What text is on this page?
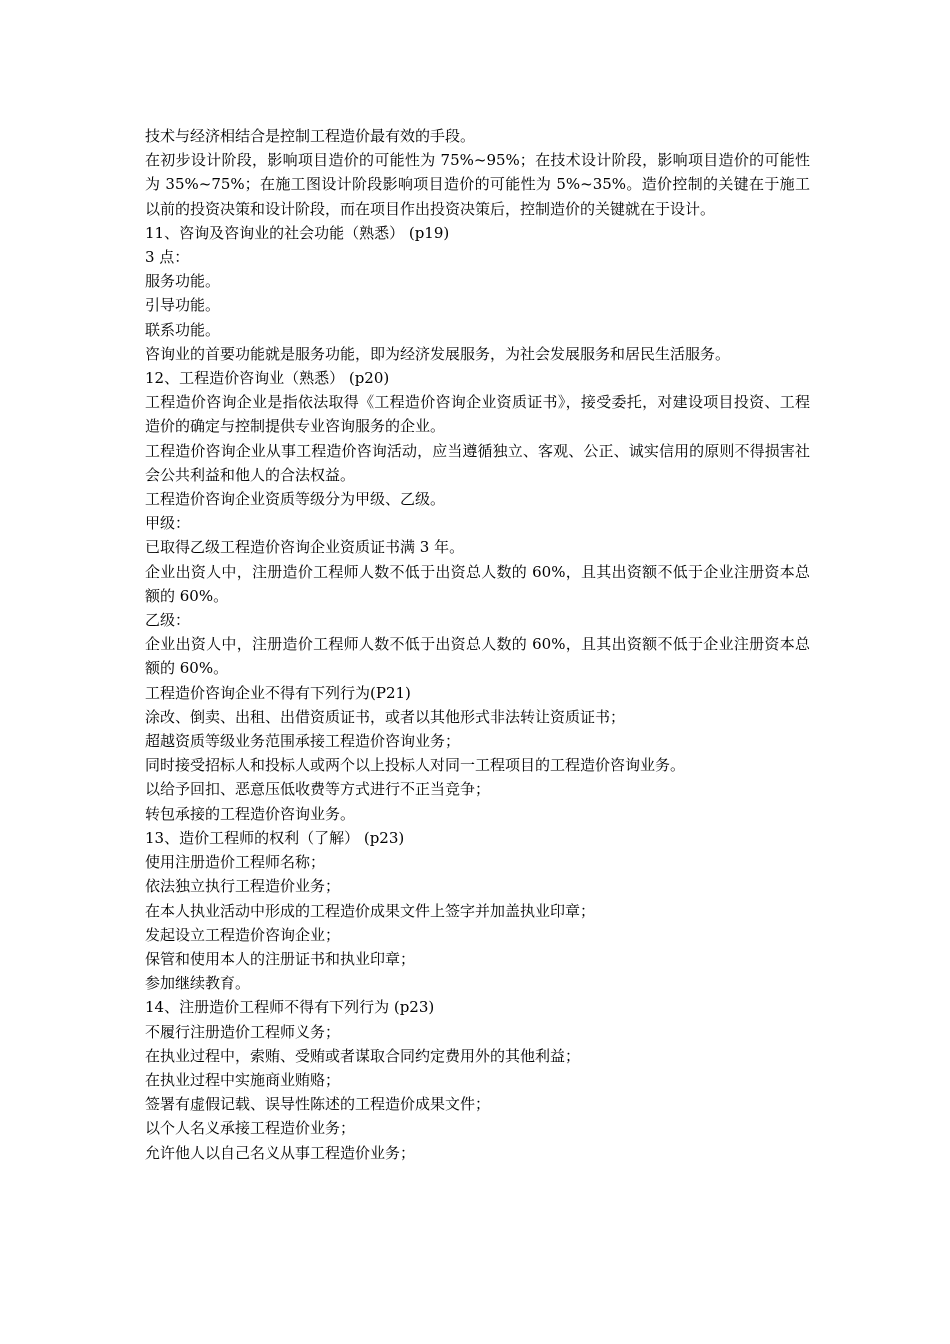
技术与经济相结合是控制工程造价最有效的手段。

在初步设计阶段，影响项目造价的可能性为 75%~95%；在技术设计阶段，影响项目造价的可能性为 35%~75%；在施工图设计阶段影响项目造价的可能性为 5%~35%。造价控制的关键在于施工以前的投资决策和设计阶段，而在项目作出投资决策后，控制造价的关键就在于设计。

11、咨询及咨询业的社会功能（熟悉） (p19)

3 点：

服务功能。

引导功能。

联系功能。

咨询业的首要功能就是服务功能，即为经济发展服务，为社会发展服务和居民生活服务。

12、工程造价咨询业（熟悉） (p20)

工程造价咨询企业是指依法取得《工程造价咨询企业资质证书》，接受委托，对建设项目投资、工程造价的确定与控制提供专业咨询服务的企业。

工程造价咨询企业从事工程造价咨询活动，应当遵循独立、客观、公正、诚实信用的原则不得损害社会公共利益和他人的合法权益。

工程造价咨询企业资质等级分为甲级、乙级。

甲级：

已取得乙级工程造价咨询企业资质证书满 3 年。

企业出资人中，注册造价工程师人数不低于出资总人数的 60%，且其出资额不低于企业注册资本总额的 60%。

乙级：

企业出资人中，注册造价工程师人数不低于出资总人数的 60%，且其出资额不低于企业注册资本总额的 60%。

工程造价咨询企业不得有下列行为(P21)

涂改、倒卖、出租、出借资质证书，或者以其他形式非法转让资质证书；

超越资质等级业务范围承接工程造价咨询业务；

同时接受招标人和投标人或两个以上投标人对同一工程项目的工程造价咨询业务。

以给予回扣、恶意压低收费等方式进行不正当竞争；

转包承接的工程造价咨询业务。

13、造价工程师的权利（了解） (p23)

使用注册造价工程师名称；

依法独立执行工程造价业务；

在本人执业活动中形成的工程造价成果文件上签字并加盖执业印章；

发起设立工程造价咨询企业；

保管和使用本人的注册证书和执业印章；

参加继续教育。

14、注册造价工程师不得有下列行为 (p23)

不履行注册造价工程师义务；

在执业过程中，索贿、受贿或者谋取合同约定费用外的其他利益；

在执业过程中实施商业贿赂；

签署有虚假记载、误导性陈述的工程造价成果文件；

以个人名义承接工程造价业务；

允许他人以自己名义从事工程造价业务；
